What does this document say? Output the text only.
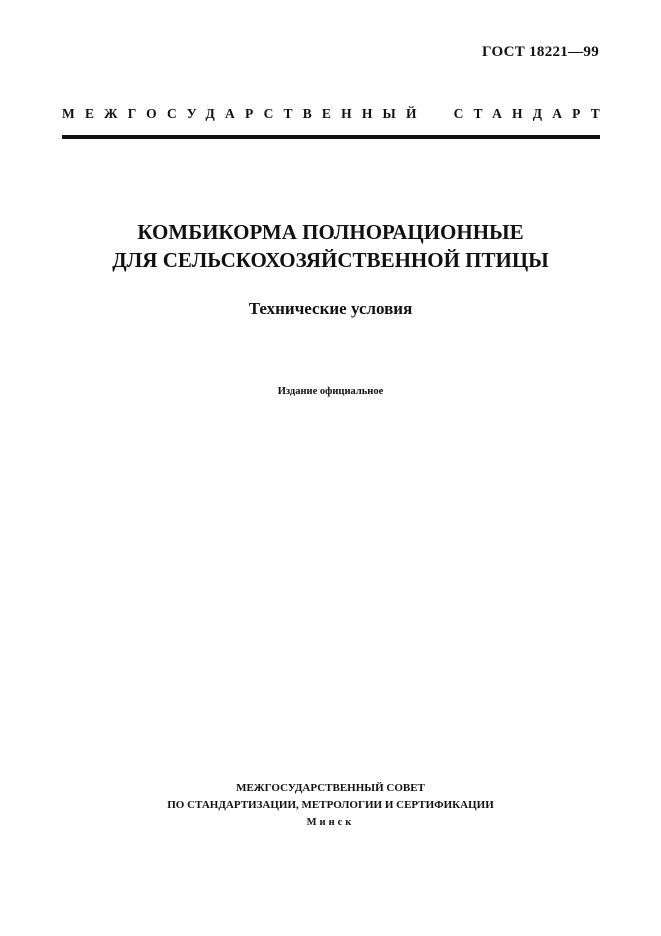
ГОСТ 18221—99
МЕЖГОСУДАРСТВЕННЫЙ СТАНДАРТ
КОМБИКОРМА ПОЛНОРАЦИОННЫЕ
ДЛЯ СЕЛЬСКОХОЗЯЙСТВЕННОЙ ПТИЦЫ
Технические условия
Издание официальное
МЕЖГОСУДАРСТВЕННЫЙ СОВЕТ
ПО СТАНДАРТИЗАЦИИ, МЕТРОЛОГИИ И СЕРТИФИКАЦИИ
Минск
